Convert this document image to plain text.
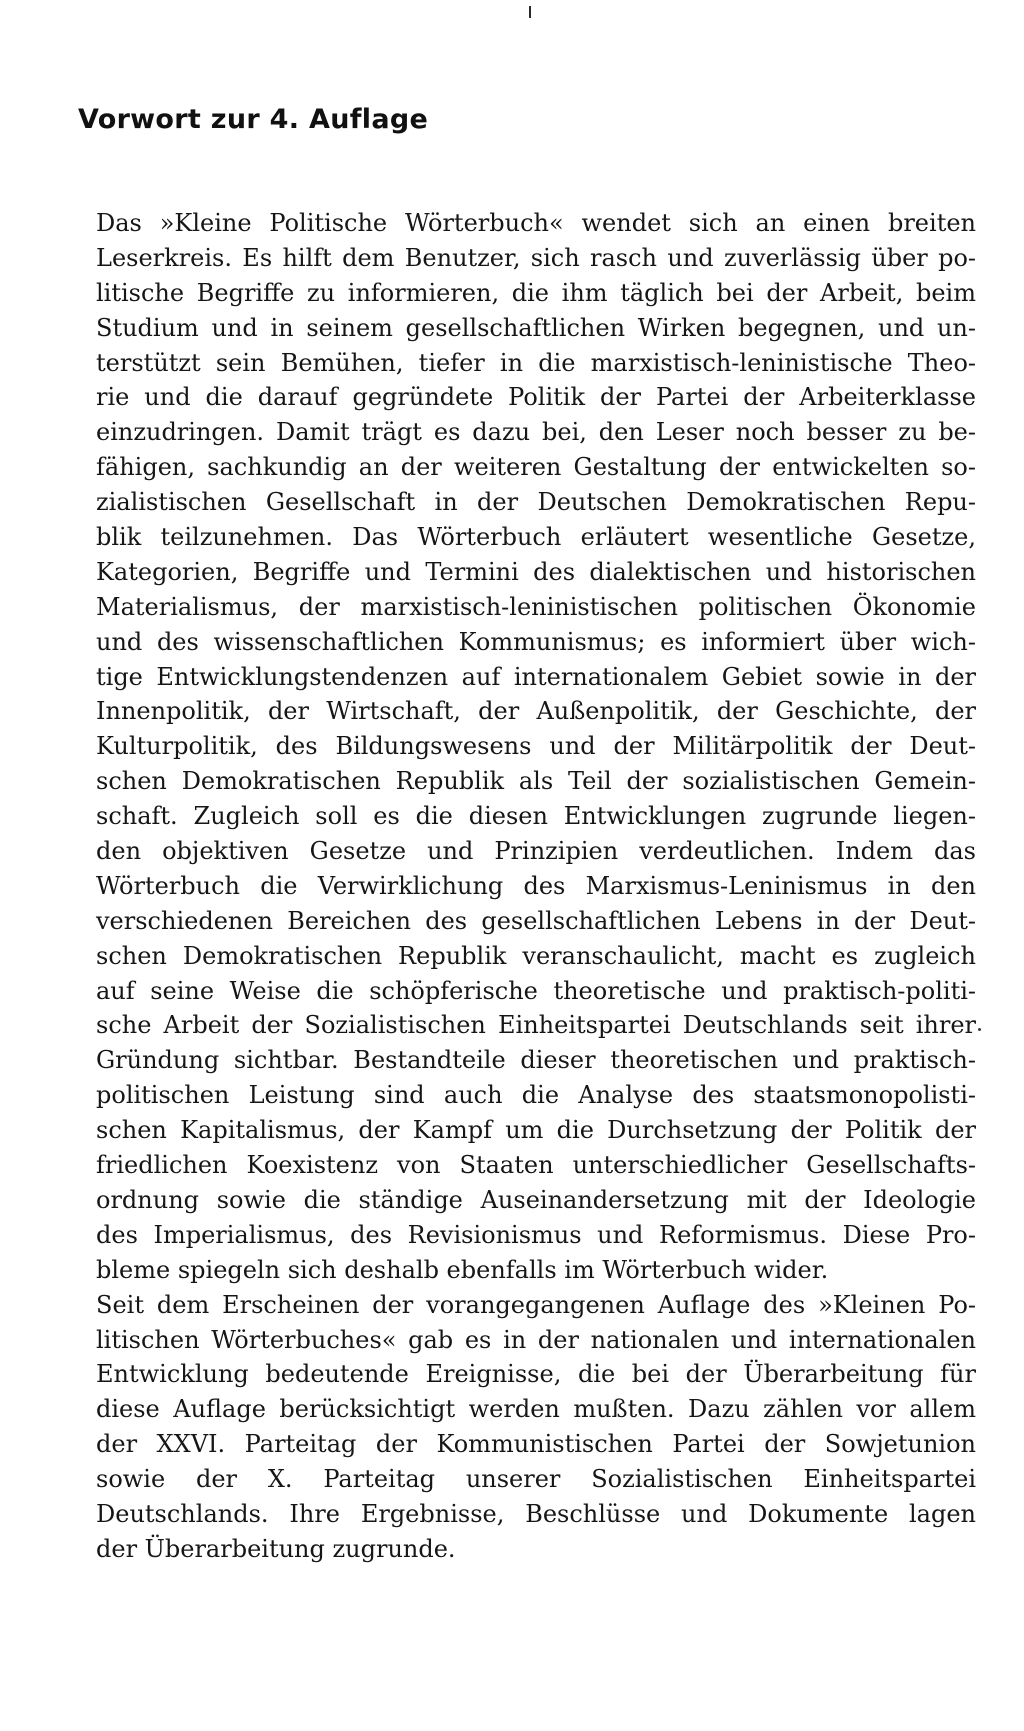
Vorwort zur 4. Auflage
Das »Kleine Politische Wörterbuch« wendet sich an einen breiten
Leserkreis. Es hilft dem Benutzer, sich rasch und zuverlässig über po-
litische Begriffe zu informieren, die ihm täglich bei der Arbeit, beim
Studium und in seinem gesellschaftlichen Wirken begegnen, und un-
terstützt sein Bemühen, tiefer in die marxistisch-leninistische Theo-
rie und die darauf gegründete Politik der Partei der Arbeiterklasse
einzudringen. Damit trägt es dazu bei, den Leser noch besser zu be-
fähigen, sachkundig an der weiteren Gestaltung der entwickelten so-
zialistischen Gesellschaft in der Deutschen Demokratischen Repu-
blik teilzunehmen. Das Wörterbuch erläutert wesentliche Gesetze,
Kategorien, Begriffe und Termini des dialektischen und historischen
Materialismus, der marxistisch-leninistischen politischen Ökonomie
und des wissenschaftlichen Kommunismus; es informiert über wich-
tige Entwicklungstendenzen auf internationalem Gebiet sowie in der
Innenpolitik, der Wirtschaft, der Außenpolitik, der Geschichte, der
Kulturpolitik, des Bildungswesens und der Militärpolitik der Deut-
schen Demokratischen Republik als Teil der sozialistischen Gemein-
schaft. Zugleich soll es die diesen Entwicklungen zugrunde liegen-
den objektiven Gesetze und Prinzipien verdeutlichen. Indem das
Wörterbuch die Verwirklichung des Marxismus-Leninismus in den
verschiedenen Bereichen des gesellschaftlichen Lebens in der Deut-
schen Demokratischen Republik veranschaulicht, macht es zugleich
auf seine Weise die schöpferische theoretische und praktisch-politi-
sche Arbeit der Sozialistischen Einheitspartei Deutschlands seit ihrer
Gründung sichtbar. Bestandteile dieser theoretischen und praktisch-
politischen Leistung sind auch die Analyse des staatsmonopolisti-
schen Kapitalismus, der Kampf um die Durchsetzung der Politik der
friedlichen Koexistenz von Staaten unterschiedlicher Gesellschafts-
ordnung sowie die ständige Auseinandersetzung mit der Ideologie
des Imperialismus, des Revisionismus und Reformismus. Diese Pro-
bleme spiegeln sich deshalb ebenfalls im Wörterbuch wider.
Seit dem Erscheinen der vorangegangenen Auflage des »Kleinen Po-
litischen Wörterbuches« gab es in der nationalen und internationalen
Entwicklung bedeutende Ereignisse, die bei der Überarbeitung für
diese Auflage berücksichtigt werden mußten. Dazu zählen vor allem
der XXVI. Parteitag der Kommunistischen Partei der Sowjetunion
sowie der X. Parteitag unserer Sozialistischen Einheitspartei
Deutschlands. Ihre Ergebnisse, Beschlüsse und Dokumente lagen
der Überarbeitung zugrunde.
